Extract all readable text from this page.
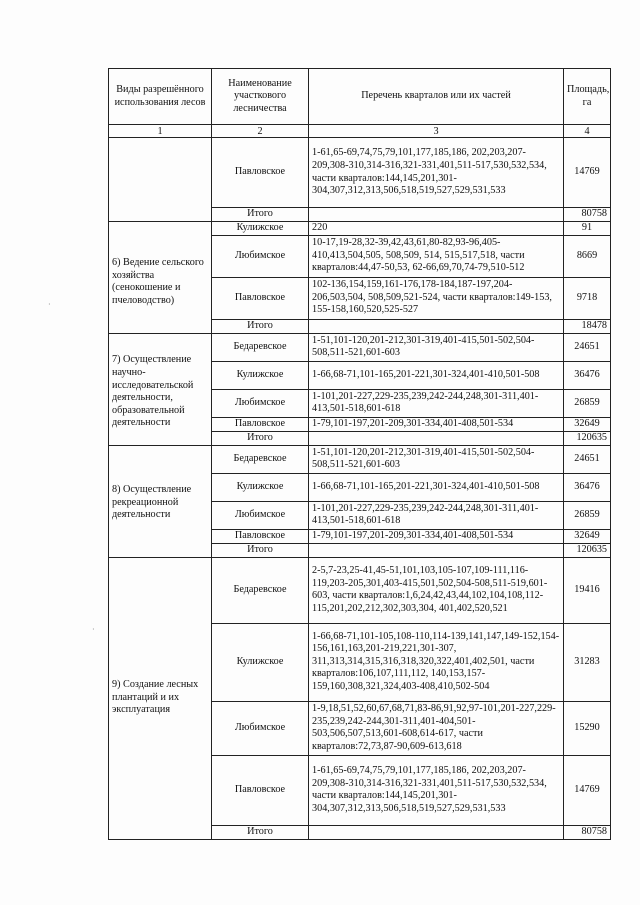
·
·
Виды разрешённого использования лесов	Наименование участкового лесничества	Перечень кварталов или их частей	Площадь, га
1	2	3	4
	Павловское	1-61,65-69,74,75,79,101,177,185,186, 202,203,207-209,308-310,314-316,321-331,401,511-517,530,532,534, части кварталов:144,145,201,301-304,307,312,313,506,518,519,527,529,531,533	14769
	Итого		80758
6) Ведение сельского хозяйства (сенокошение и пчеловодство)	Кулижское	220	91
	Любимское	10-17,19-28,32-39,42,43,61,80-82,93-96,405-410,413,504,505, 508,509, 514, 515,517,518, части кварталов:44,47-50,53, 62-66,69,70,74-79,510-512	8669
	Павловское	102-136,154,159,161-176,178-184,187-197,204-206,503,504, 508,509,521-524, части кварталов:149-153, 155-158,160,520,525-527	9718
	Итого		18478
7) Осуществление научно-исследовательской деятельности, образовательной деятельности	Бедаревское	1-51,101-120,201-212,301-319,401-415,501-502,504-508,511-521,601-603	24651
	Кулижское	1-66,68-71,101-165,201-221,301-324,401-410,501-508	36476
	Любимское	1-101,201-227,229-235,239,242-244,248,301-311,401-413,501-518,601-618	26859
	Павловское	1-79,101-197,201-209,301-334,401-408,501-534	32649
	Итого		120635
8) Осуществление рекреационной деятельности	Бедаревское	1-51,101-120,201-212,301-319,401-415,501-502,504-508,511-521,601-603	24651
	Кулижское	1-66,68-71,101-165,201-221,301-324,401-410,501-508	36476
	Любимское	1-101,201-227,229-235,239,242-244,248,301-311,401-413,501-518,601-618	26859
	Павловское	1-79,101-197,201-209,301-334,401-408,501-534	32649
	Итого		120635
9) Создание лесных плантаций и их эксплуатация	Бедаревское	2-5,7-23,25-41,45-51,101,103,105-107,109-111,116-119,203-205,301,403-415,501,502,504-508,511-519,601-603, части кварталов:1,6,24,42,43,44,102,104,108,112-115,201,202,212,302,303,304, 401,402,520,521	19416
	Кулижское	1-66,68-71,101-105,108-110,114-139,141,147,149-152,154-156,161,163,201-219,221,301-307, 311,313,314,315,316,318,320,322,401,402,501, части кварталов:106,107,111,112, 140,153,157-159,160,308,321,324,403-408,410,502-504	31283
	Любимское	1-9,18,51,52,60,67,68,71,83-86,91,92,97-101,201-227,229-235,239,242-244,301-311,401-404,501-503,506,507,513,601-608,614-617, части кварталов:72,73,87-90,609-613,618	15290
	Павловское	1-61,65-69,74,75,79,101,177,185,186, 202,203,207-209,308-310,314-316,321-331,401,511-517,530,532,534, части кварталов:144,145,201,301-304,307,312,313,506,518,519,527,529,531,533	14769
	Итого		80758
